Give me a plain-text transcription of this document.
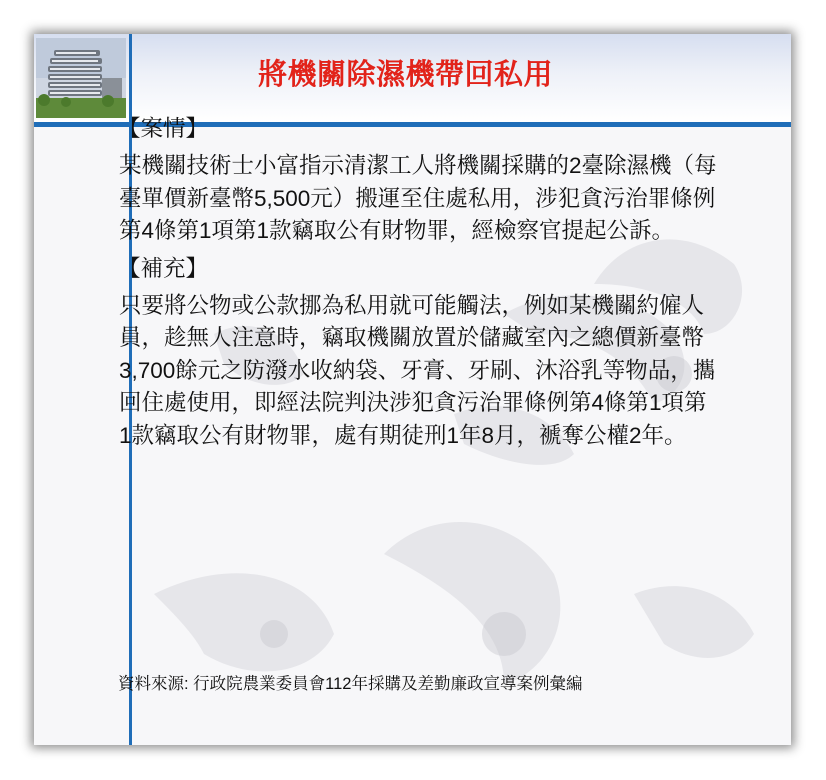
將機關除濕機帶回私用

【案情】

某機關技術士小富指示清潔工人將機關採購的2臺除濕機（每臺單價新臺幣5,500元）搬運至住處私用，涉犯貪污治罪條例第4條第1項第1款竊取公有財物罪，經檢察官提起公訴。

【補充】

只要將公物或公款挪為私用就可能觸法，例如某機關約僱人員，趁無人注意時，竊取機關放置於儲藏室內之總價新臺幣3,700餘元之防潑水收納袋、牙膏、牙刷、沐浴乳等物品，攜回住處使用，即經法院判決涉犯貪污治罪條例第4條第1項第1款竊取公有財物罪，處有期徒刑1年8月，褫奪公權2年。

資料來源: 行政院農業委員會112年採購及差勤廉政宣導案例彙編
